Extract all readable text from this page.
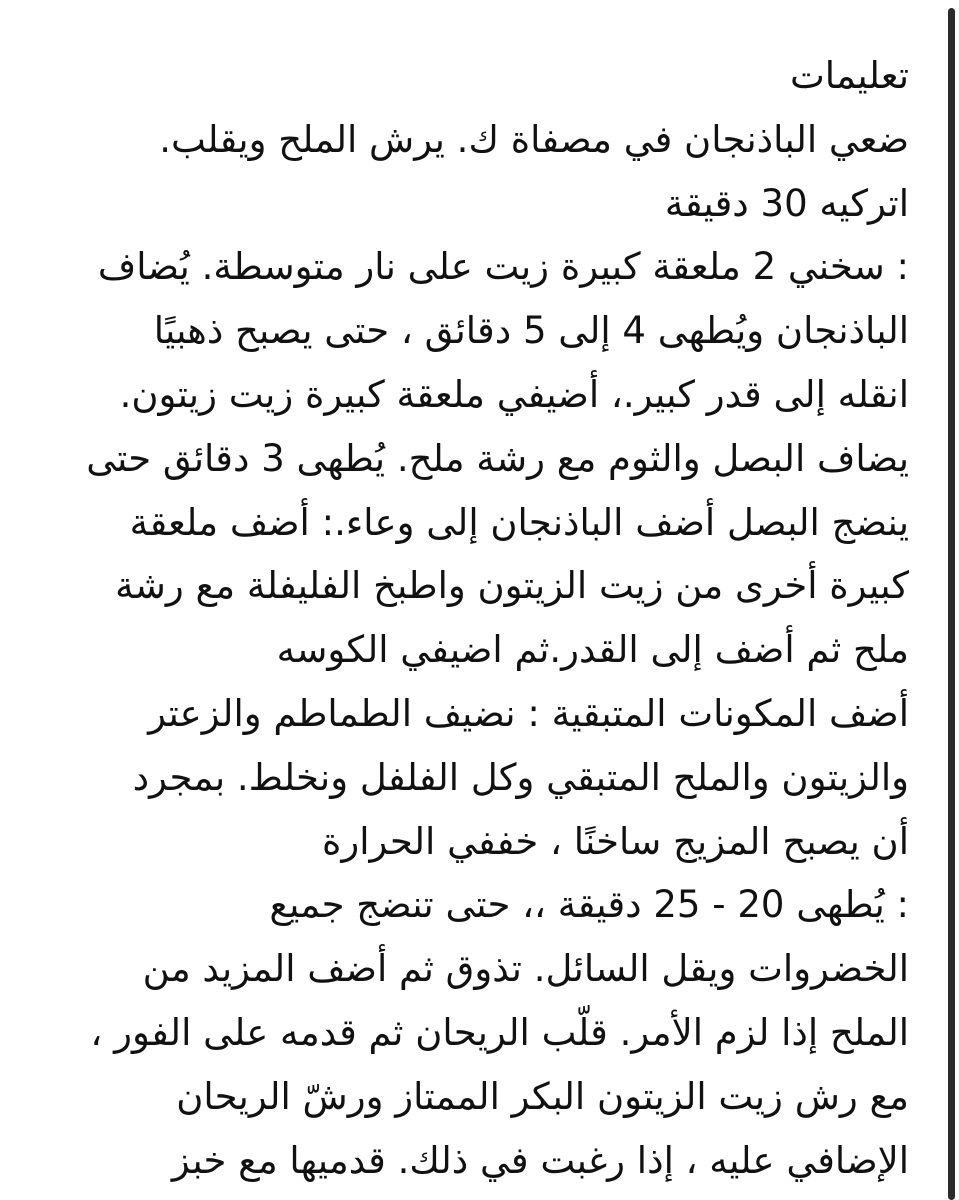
تعليمات
ضعي الباذنجان في مصفاة ك. يرش الملح ويقلب.
اتركيه 30 دقيقة
: سخني 2 ملعقة كبيرة زيت على نار متوسطة. يُضاف
الباذنجان ويُطهى 4 إلى 5 دقائق ، حتى يصبح ذهبيًا
انقله إلى قدر كبير.، أضيفي ملعقة كبيرة زيت زيتون.
يضاف البصل والثوم مع رشة ملح. يُطهى 3 دقائق حتى
ينضج البصل أضف الباذنجان إلى وعاء.: أضف ملعقة
كبيرة أخرى من زيت الزيتون واطبخ الفليفلة مع رشة
ملح ثم أضف إلى القدر.ثم اضيفي الكوسه
أضف المكونات المتبقية : نضيف الطماطم والزعتر
والزيتون والملح المتبقي وكل الفلفل ونخلط. بمجرد
أن يصبح المزيج ساخنًا ، خففي الحرارة
: يُطهى 20 - 25 دقيقة ،، حتى تنضج جميع
الخضروات ويقل السائل. تذوق ثم أضف المزيد من
الملح إذا لزم الأمر. قلّب الريحان ثم قدمه على الفور ،
مع رش زيت الزيتون البكر الممتاز ورشّ الريحان
الإضافي عليه ، إذا رغبت في ذلك. قدميها مع خبز
